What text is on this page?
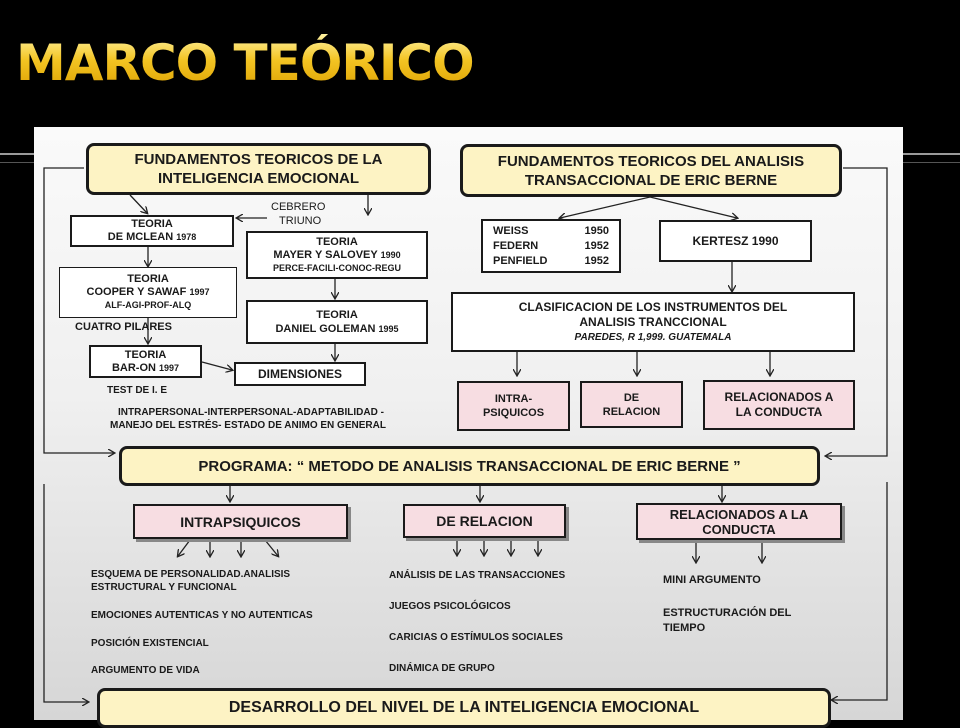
MARCO TEÓRICO
FUNDAMENTOS TEORICOS DE LA
INTELIGENCIA EMOCIONAL
FUNDAMENTOS TEORICOS DEL ANALISIS
TRANSACCIONAL DE ERIC BERNE
CEBRERO
TRIUNO
TEORIA
DE MCLEAN 1978	TEORIA
MAYER Y SALOVEY 1990
PERCE-FACILI-CONOC-REGU
TEORIA
COOPER Y SAWAF 1997
ALF-AGI-PROF-ALQ
CUATRO PILARES
TEORIA
DANIEL GOLEMAN 1995
TEORIA
BAR-ON 1997	DIMENSIONES
TEST DE I. E
INTRAPERSONAL-INTERPERSONAL-ADAPTABILIDAD -
MANEJO DEL ESTRÉS- ESTADO DE ANIMO EN GENERAL
WEISS	1950
FEDERN	1952
PENFIELD	1952
KERTESZ 1990
CLASIFICACION DE LOS INSTRUMENTOS DEL
ANALISIS TRANCCIONAL
PAREDES, R 1,999. GUATEMALA
INTRA-
PSIQUICOS
DE
RELACION
RELACIONADOS A
LA CONDUCTA
PROGRAMA: “ METODO DE ANALISIS TRANSACCIONAL DE ERIC BERNE ”
INTRAPSIQUICOS	DE RELACION	RELACIONADOS A LA
CONDUCTA
ESQUEMA DE PERSONALIDAD.ANALISIS
ESTRUCTURAL Y FUNCIONAL
EMOCIONES AUTENTICAS Y NO AUTENTICAS
POSICIÓN EXISTENCIAL
ARGUMENTO DE VIDA
ANÁLISIS DE LAS TRANSACCIONES
JUEGOS PSICOLÓGICOS
CARICIAS O ESTÍMULOS SOCIALES
DINÁMICA DE GRUPO
MINI ARGUMENTO
ESTRUCTURACIÓN DEL
TIEMPO
DESARROLLO DEL NIVEL DE LA INTELIGENCIA EMOCIONAL
